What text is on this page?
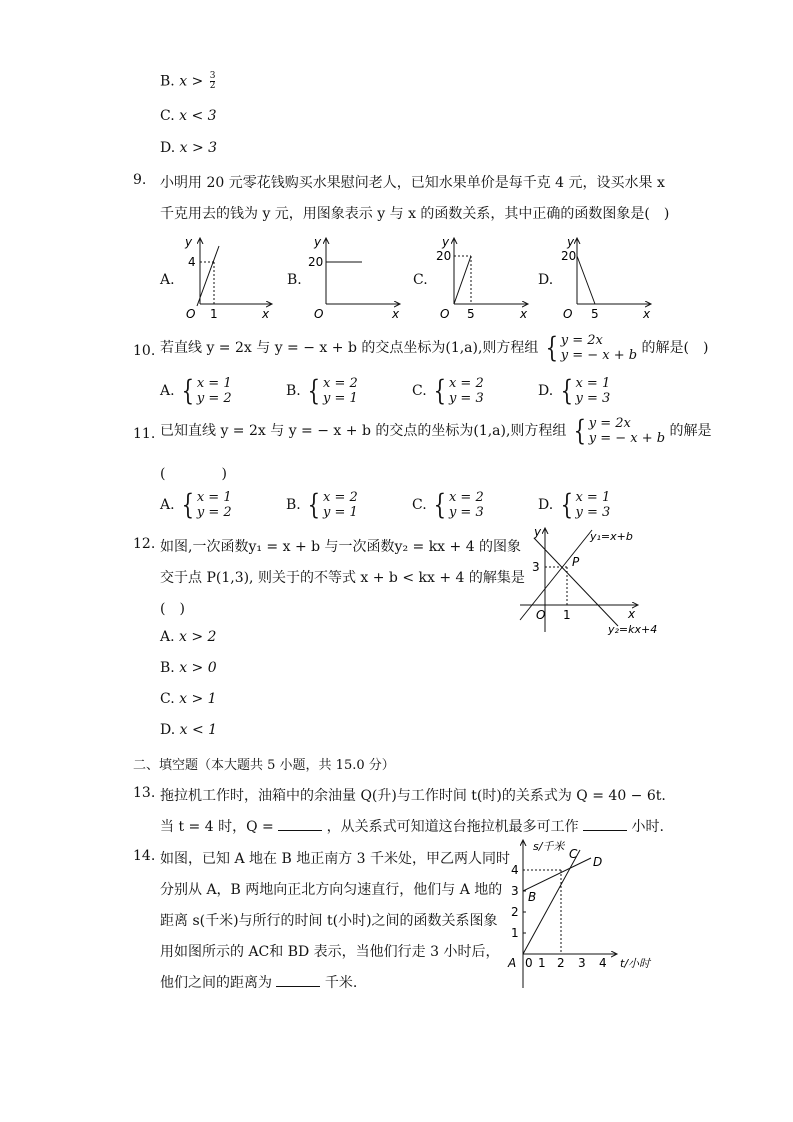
B. $x > \frac{3}{2}$
C. x < 3
D. x > 3
9. 小明用 20 元零花钱购买水果慰问老人，已知水果单价是每千克 4 元，设买水果 x
千克用去的钱为 y 元，用图象表示 y 与 x 的函数关系，其中正确的函数图象是(　)
A.
y
4
O 1	x
B.
y
20
O	x
C.
y
20
O 5	x
D.
y
20
O 5	x
10. 若直线 y = 2x 与 y = − x + b 的交点坐标为(1,a),则方程组 { y = 2x
y = − x + b 的解是(　)
11. 已知直线 y = 2x 与 y = − x + b 的交点的坐标为(1,a),则方程组 { y = 2x
y = − x + b 的解是
(　　　　)
A. { x = 1
y = 2	B. { x = 2
y = 1	C. { x = 2
y = 3	D. { x = 1
y = 3
A. { x = 1
y = 2	B. { x = 2
y = 1	C. { x = 2
y = 3	D. { x = 1
y = 3
12. 如图,一次函数y₁ = x + b 与一次函数y₂ = kx + 4 的图象
交于点 P(1,3), 则关于的不等式 x + b < kx + 4 的解集是
(　)
A. x > 2
B. x > 0
C. x > 1
D. x < 1
y
3
O 1	x
P
y₁=x+b
y₂=kx+4
二、填空题（本大题共 5 小题，共 15.0 分）
13. 拖拉机工作时，油箱中的余油量 Q(升)与工作时间 t(时)的关系式为 Q = 40 − 6t.
当 t = 4 时，Q =	，从关系式可知道这台拖拉机最多可工作	小时.
14. 如图，已知 A 地在 B 地正南方 3 千米处，甲乙两人同时
分别从 A，B 两地向正北方向匀速直行，他们与 A 地的
距离 s(千米)与所行的时间 t(小时)之间的函数关系图象
用如图所示的 AC和 BD 表示，当他们行走 3 小时后，
他们之间的距离为	千米.
s/千米
4
3
2
1
A 0 1 2 3 4 t/小时
B
C
D
